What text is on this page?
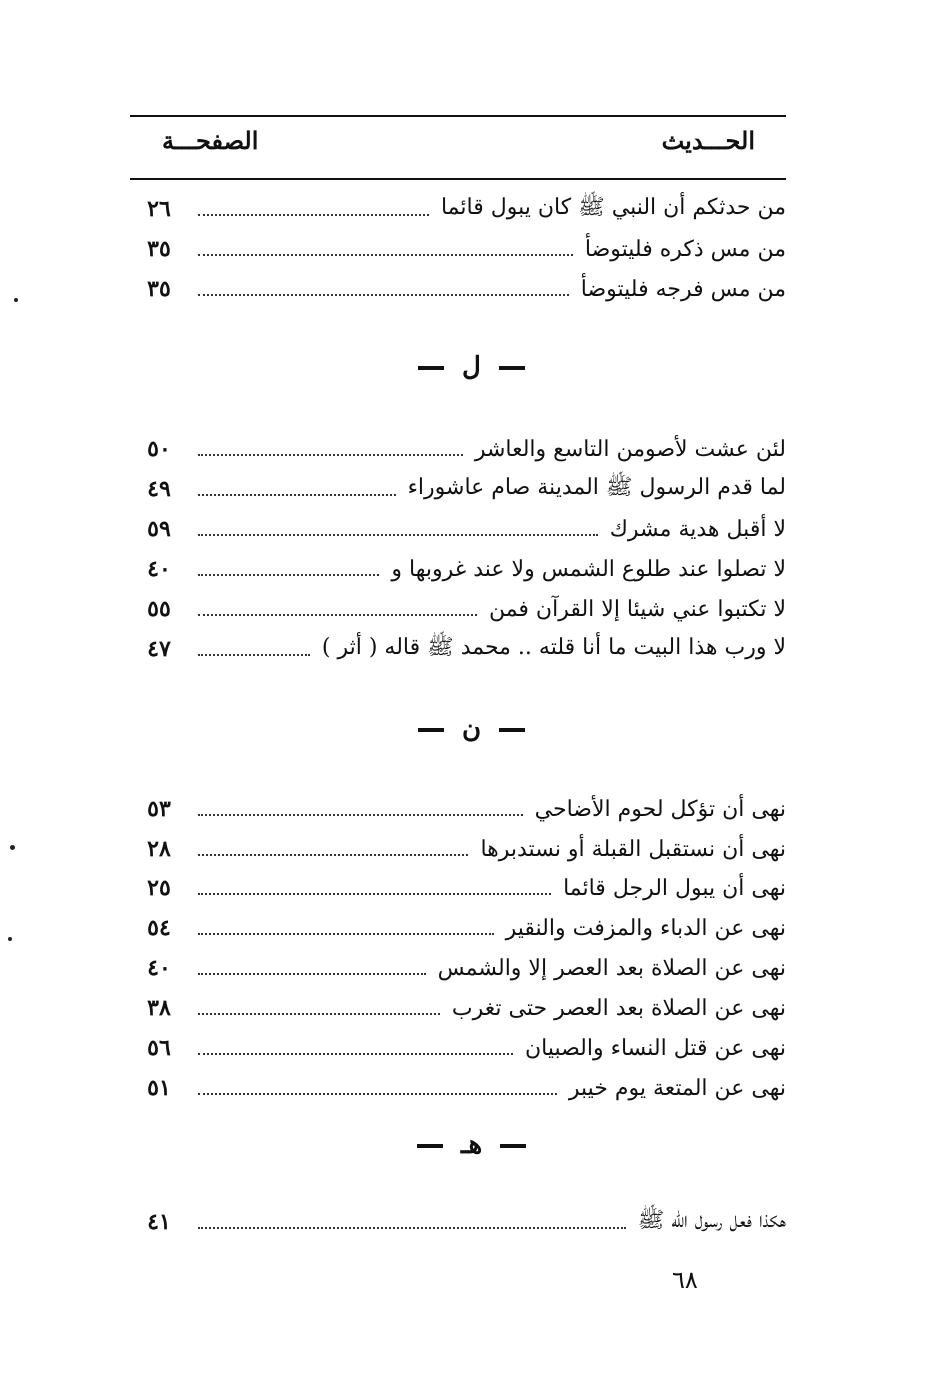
الحـــديث
الصفحـــة
من حدثكم أن النبي ﷺ كان يبول قائما
٢٦
من مس ذكره فليتوضأ
٣٥
من مس فرجه فليتوضأ
٣٥
ل
لئن عشت لأصومن التاسع والعاشر
٥٠
لما قدم الرسول ﷺ المدينة صام عاشوراء
٤٩
لا أقبل هدية مشرك
٥٩
لا تصلوا عند طلوع الشمس ولا عند غروبها و
٤٠
لا تكتبوا عني شيئا إلا القرآن فمن
٥٥
لا ورب هذا البيت ما أنا قلته .. محمد ﷺ قاله ( أثر )
٤٧
ن
نهى أن تؤكل لحوم الأضاحي
٥٣
نهى أن نستقبل القبلة أو نستدبرها
٢٨
نهى أن يبول الرجل قائما
٢٥
نهى عن الدباء والمزفت والنقير
٥٤
نهى عن الصلاة بعد العصر إلا والشمس
٤٠
نهى عن الصلاة بعد العصر حتى تغرب
٣٨
نهى عن قتل النساء والصبيان
٥٦
نهى عن المتعة يوم خيبر
٥١
هـ
هكذا فعل رسول الله ﷺ
٤١
٦٨
